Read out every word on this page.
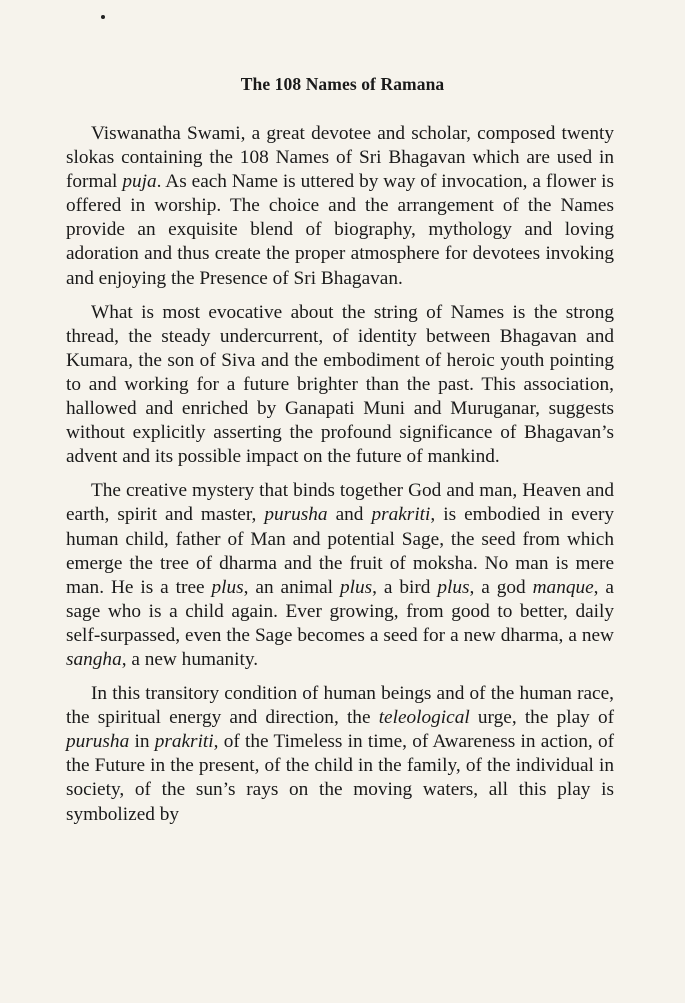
The 108 Names of Ramana

Viswanatha Swami, a great devotee and scholar, composed twenty slokas containing the 108 Names of Sri Bhagavan which are used in formal puja. As each Name is uttered by way of invocation, a flower is offered in worship. The choice and the arrangement of the Names provide an exquisite blend of biography, mythology and loving adoration and thus create the proper atmosphere for devotees invoking and enjoying the Presence of Sri Bhagavan.

What is most evocative about the string of Names is the strong thread, the steady undercurrent, of identity between Bhagavan and Kumara, the son of Siva and the embodiment of heroic youth pointing to and working for a future brighter than the past. This association, hallowed and enriched by Ganapati Muni and Muruganar, suggests without explicitly asserting the profound significance of Bhagavan’s advent and its possible impact on the future of mankind.

The creative mystery that binds together God and man, Heaven and earth, spirit and master, purusha and prakriti, is embodied in every human child, father of Man and potential Sage, the seed from which emerge the tree of dharma and the fruit of moksha. No man is mere man. He is a tree plus, an animal plus, a bird plus, a god manque, a sage who is a child again. Ever growing, from good to better, daily self-surpassed, even the Sage becomes a seed for a new dharma, a new sangha, a new humanity.

In this transitory condition of human beings and of the human race, the spiritual energy and direction, the teleological urge, the play of purusha in prakriti, of the Timeless in time, of Awareness in action, of the Future in the present, of the child in the family, of the individual in society, of the sun’s rays on the moving waters, all this play is symbolized by
